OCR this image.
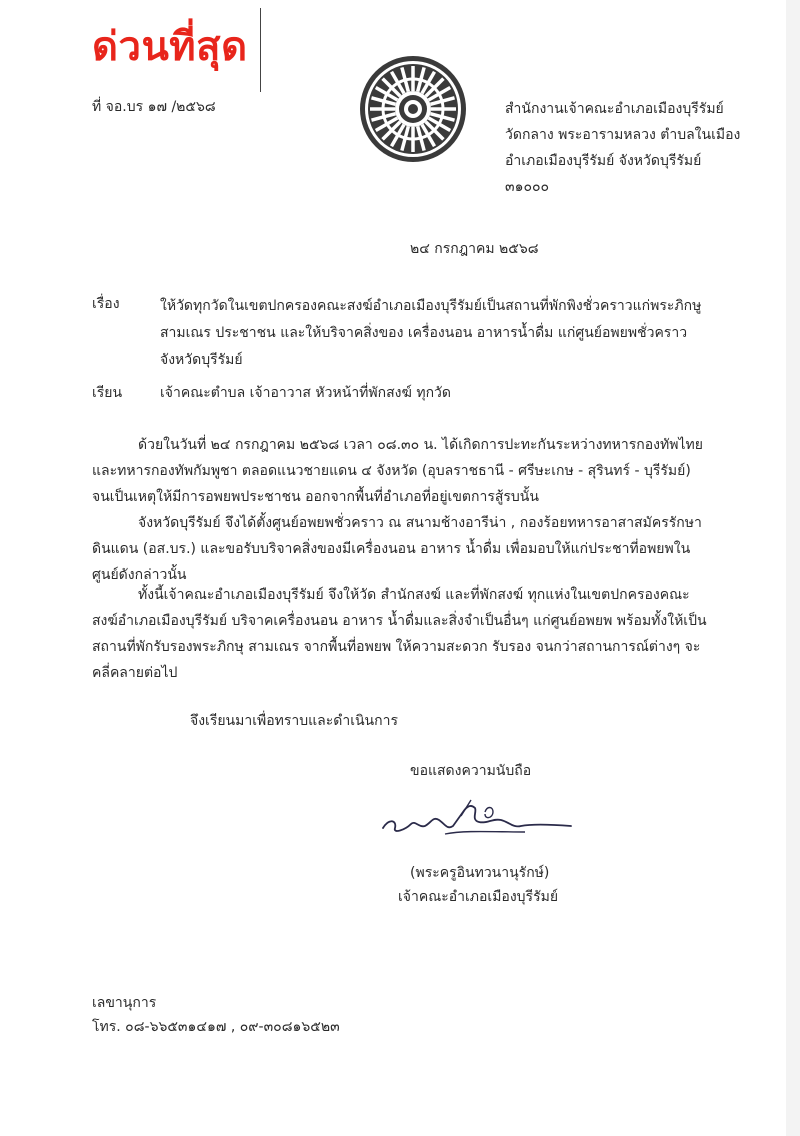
ด่วนที่สุด
ที่ จอ.บร ๑๗ /๒๕๖๘	สำนักงานเจ้าคณะอำเภอเมืองบุรีรัมย์
วัดกลาง พระอารามหลวง ตำบลในเมือง
อำเภอเมืองบุรีรัมย์ จังหวัดบุรีรัมย์
๓๑๐๐๐
๒๔ กรกฎาคม ๒๕๖๘
เรื่อง	ให้วัดทุกวัดในเขตปกครองคณะสงฆ์อำเภอเมืองบุรีรัมย์เป็นสถานที่พักพิงชั่วคราวแก่พระภิกษู สามเณร ประชาชน และให้บริจาคสิ่งของ เครื่องนอน อาหารน้ำดื่ม แก่ศูนย์อพยพชั่วคราวจังหวัดบุรีรัมย์
เรียน	เจ้าคณะตำบล เจ้าอาวาส หัวหน้าที่พักสงฆ์ ทุกวัด

ด้วยในวันที่ ๒๔ กรกฎาคม ๒๕๖๘ เวลา ๐๘.๓๐ น. ได้เกิดการปะทะกันระหว่างทหารกองทัพไทยและทหารกองทัพกัมพูชา ตลอดแนวชายแดน ๔ จังหวัด (อุบลราชธานี - ศรีษะเกษ - สุรินทร์ - บุรีรัมย์) จนเป็นเหตุให้มีการอพยพประชาชน ออกจากพื้นที่อำเภอที่อยู่เขตการสู้รบนั้น

จังหวัดบุรีรัมย์ จึงได้ตั้งศูนย์อพยพชั่วคราว ณ สนามช้างอารีน่า , กองร้อยทหารอาสาสมัครรักษาดินแดน (อส.บร.) และขอรับบริจาคสิ่งของมีเครื่องนอน อาหาร น้ำดื่ม เพื่อมอบให้แก่ประชาที่อพยพในศูนย์ดังกล่าวนั้น

ทั้งนี้เจ้าคณะอำเภอเมืองบุรีรัมย์ จึงให้วัด สำนักสงฆ์ และที่พักสงฆ์ ทุกแห่งในเขตปกครองคณะสงฆ์อำเภอเมืองบุรีรัมย์ บริจาคเครื่องนอน อาหาร น้ำดื่มและสิ่งจำเป็นอื่นๆ แก่ศูนย์อพยพ พร้อมทั้งให้เป็นสถานที่พักรับรองพระภิกษุ สามเณร จากพื้นที่อพยพ ให้ความสะดวก รับรอง จนกว่าสถานการณ์ต่างๆ จะคลี่คลายต่อไป

จึงเรียนมาเพื่อทราบและดำเนินการ
ขอแสดงความนับถือ
(พระครูอินทวนานุรักษ์)
เจ้าคณะอำเภอเมืองบุรีรัมย์
เลขานุการ
โทร. ๐๘-๖๖๕๓๑๔๑๗ , ๐๙-๓๐๘๑๖๕๒๓
